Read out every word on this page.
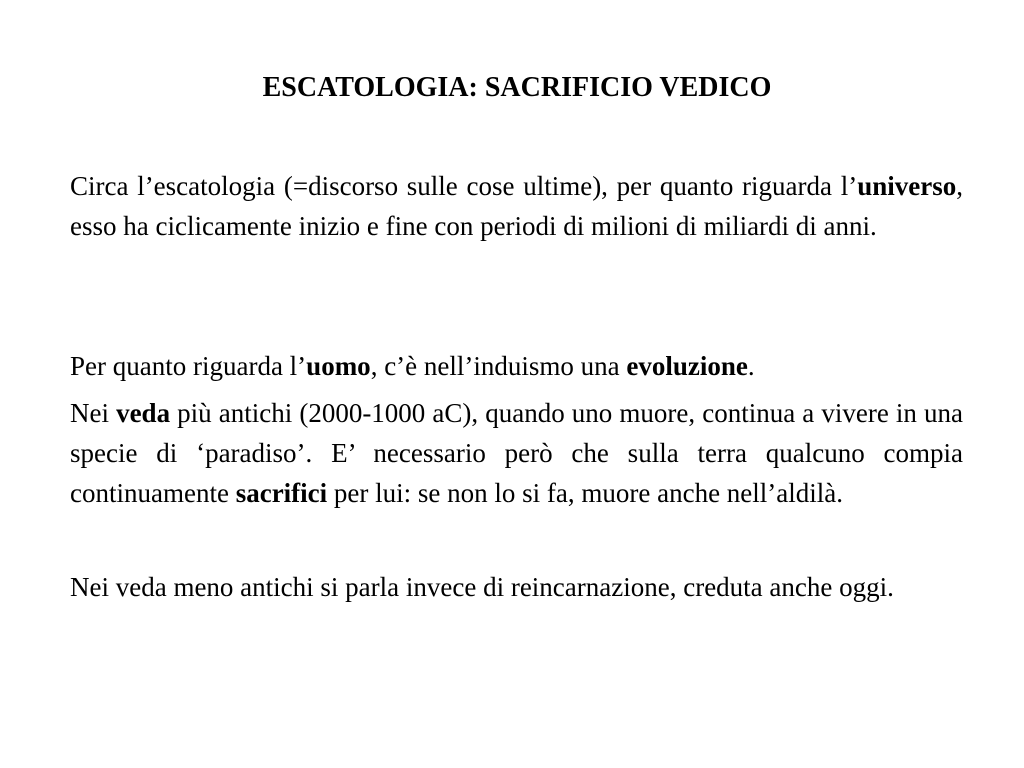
ESCATOLOGIA: SACRIFICIO VEDICO

Circa l’escatologia (=discorso sulle cose ultime), per quanto riguarda l’universo, esso ha ciclicamente inizio e fine con periodi di milioni di miliardi di anni.

Per quanto riguarda l’uomo, c’è nell’induismo una evoluzione.

Nei veda più antichi (2000-1000 aC), quando uno muore, continua a vivere in una specie di ‘paradiso’. E’ necessario però che sulla terra qualcuno compia continuamente sacrifici per lui: se non lo si fa, muore anche nell’aldilà.

Nei veda meno antichi si parla invece di reincarnazione, creduta anche oggi.
